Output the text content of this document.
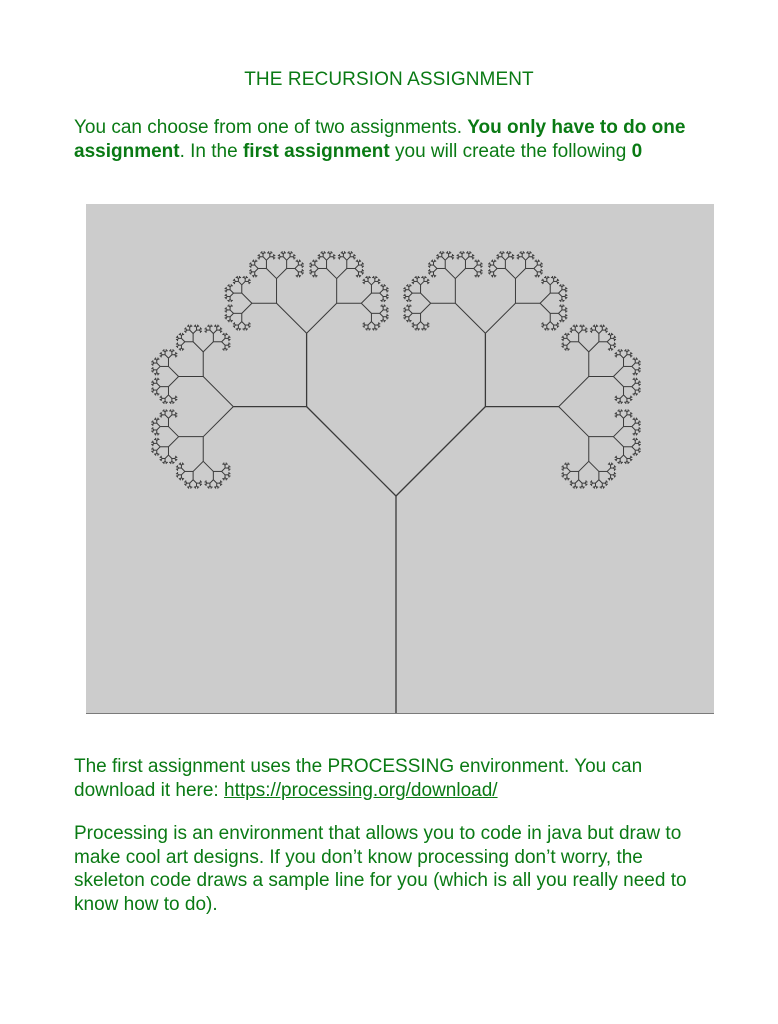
THE RECURSION ASSIGNMENT
You can choose from one of two assignments. You only have to do one assignment. In the first assignment you will create the following 0
The first assignment uses the PROCESSING environment. You can download it here: https://processing.org/download/
Processing is an environment that allows you to code in java but draw to make cool art designs. If you don’t know processing don’t worry, the skeleton code draws a sample line for you (which is all you really need to know how to do).
